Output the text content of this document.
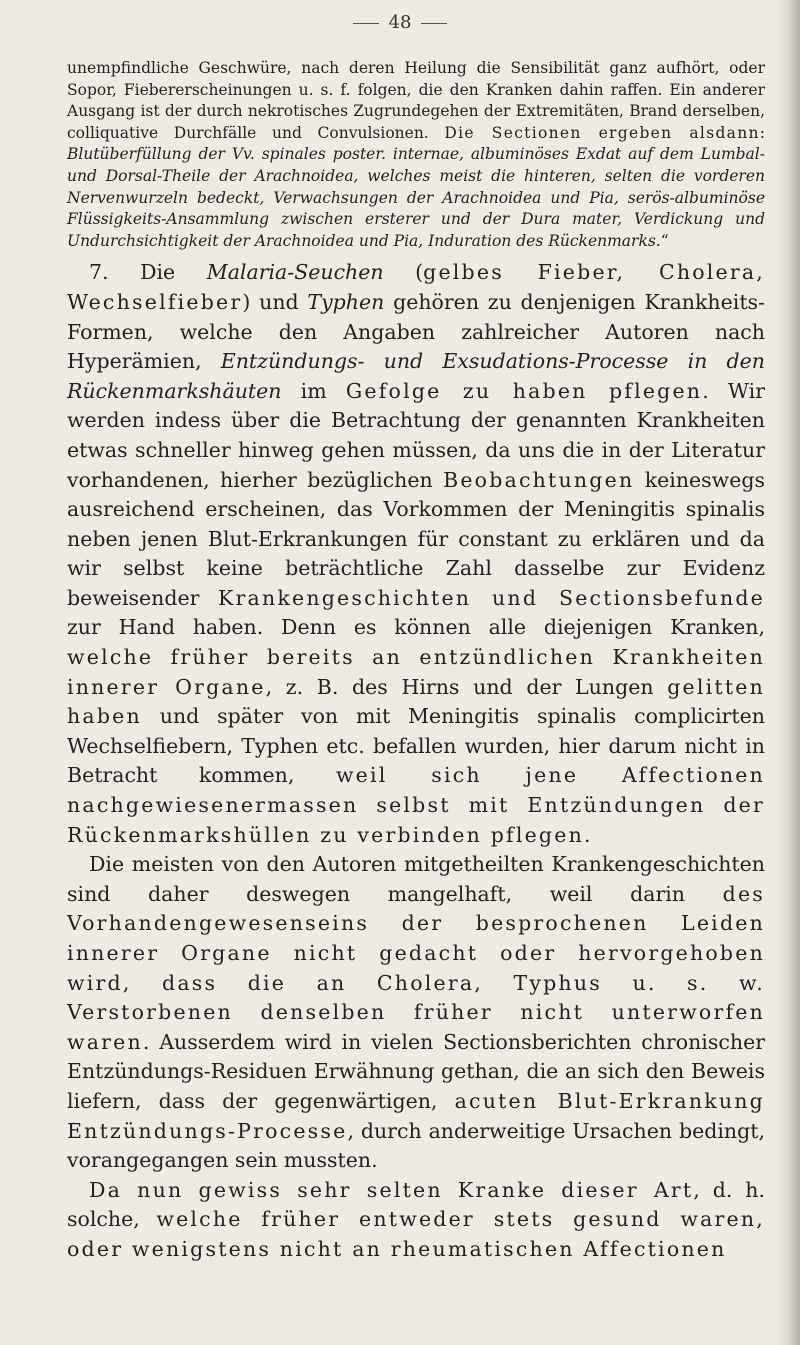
48

unempfindliche Geschwüre, nach deren Heilung die Sensibilität ganz aufhört, oder Sopor, Fiebererscheinungen u. s. f. folgen, die den Kranken dahin raffen. Ein anderer Ausgang ist der durch nekrotisches Zugrundegehen der Extremitäten, Brand derselben, colliquative Durchfälle und Convulsionen. Die Sectionen ergeben alsdann: Blutüberfüllung der Vv. spinales poster. internae, albuminöses Exdat auf dem Lumbal- und Dorsal-Theile der Arachnoidea, welches meist die hinteren, selten die vorderen Nervenwurzeln bedeckt, Verwachsungen der Arachnoidea und Pia, serös-albuminöse Flüssigkeits-Ansammlung zwischen ersterer und der Dura mater, Verdickung und Undurchsichtigkeit der Arachnoidea und Pia, Induration des Rückenmarks.“

7. Die Malaria-Seuchen (gelbes Fieber, Cholera, Wechselfieber) und Typhen gehören zu denjenigen Krankheits-Formen, welche den Angaben zahlreicher Autoren nach Hyperämien, Entzündungs- und Exsudations-Processe in den Rückenmarkshäuten im Gefolge zu haben pflegen. Wir werden indess über die Betrachtung der genannten Krankheiten etwas schneller hinweg gehen müssen, da uns die in der Literatur vorhandenen, hierher bezüglichen Beobachtungen keineswegs ausreichend erscheinen, das Vorkommen der Meningitis spinalis neben jenen Blut-Erkrankungen für constant zu erklären und da wir selbst keine beträchtliche Zahl dasselbe zur Evidenz beweisender Krankengeschichten und Sectionsbefunde zur Hand haben. Denn es können alle diejenigen Kranken, welche früher bereits an entzündlichen Krankheiten innerer Organe, z. B. des Hirns und der Lungen gelitten haben und später von mit Meningitis spinalis complicirten Wechselfiebern, Typhen etc. befallen wurden, hier darum nicht in Betracht kommen, weil sich jene Affectionen nachgewiesenermassen selbst mit Entzündungen der Rückenmarkshüllen zu verbinden pflegen.

Die meisten von den Autoren mitgetheilten Krankengeschichten sind daher deswegen mangelhaft, weil darin des Vorhandengewesenseins der besprochenen Leiden innerer Organe nicht gedacht oder hervorgehoben wird, dass die an Cholera, Typhus u. s. w. Verstorbenen denselben früher nicht unterworfen waren. Ausserdem wird in vielen Sectionsberichten chronischer Entzündungs-Residuen Erwähnung gethan, die an sich den Beweis liefern, dass der gegenwärtigen, acuten Blut-Erkrankung Entzündungs-Processe, durch anderweitige Ursachen bedingt, vorangegangen sein mussten.

Da nun gewiss sehr selten Kranke dieser Art, d. h. solche, welche früher entweder stets gesund waren, oder wenigstens nicht an rheumatischen Affectionen
